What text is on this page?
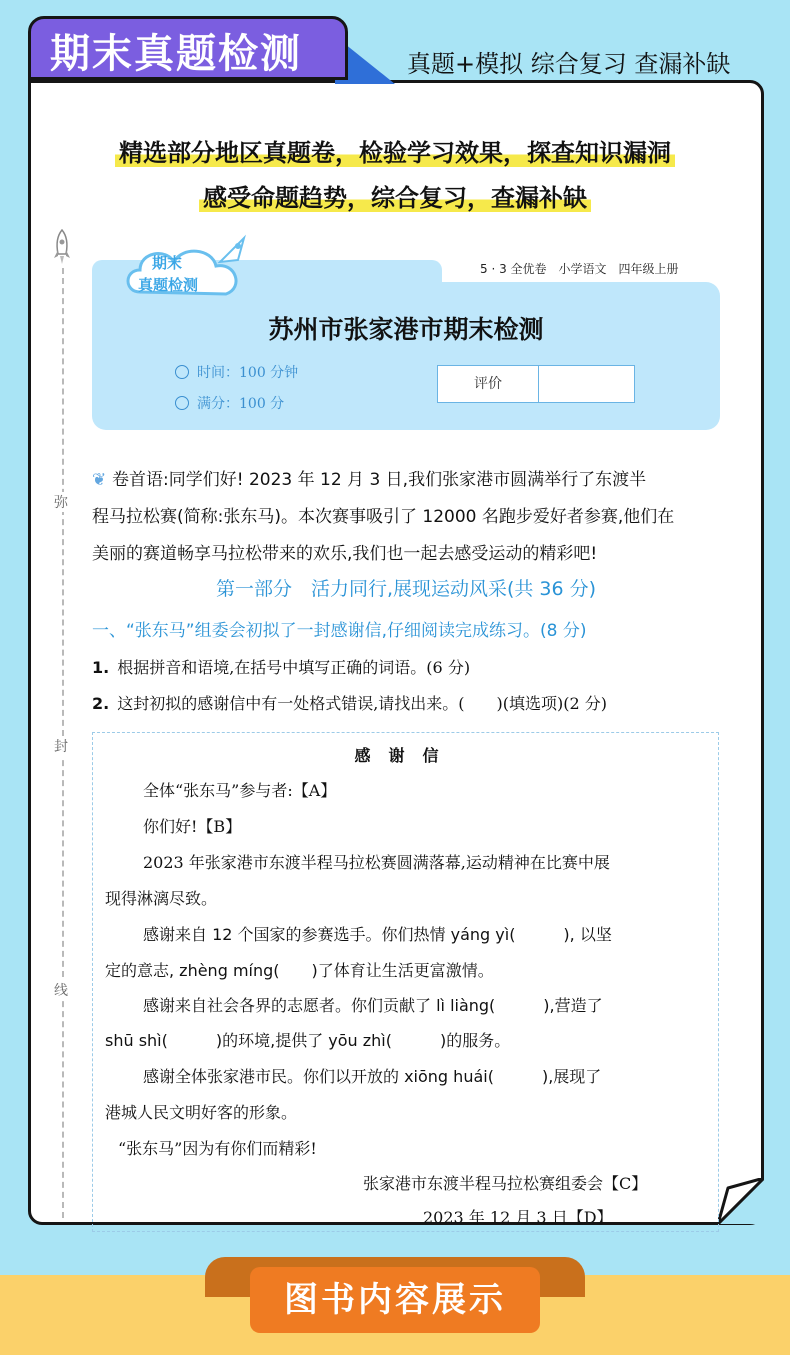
期末真题检测	真题+模拟 综合复习 查漏补缺
精选部分地区真题卷，检验学习效果，探查知识漏洞
感受命题趋势，综合复习，查漏补缺
弥
封
线
期末
真题检测
5 · 3 全优卷　小学语文　四年级上册
苏州市张家港市期末检测
时间：100 分钟
满分：100 分
评价
❦ 卷首语:同学们好! 2023 年 12 月 3 日,我们张家港市圆满举行了东渡半
程马拉松赛(简称:张东马)。本次赛事吸引了 12000 名跑步爱好者参赛,他们在
美丽的赛道畅享马拉松带来的欢乐,我们也一起去感受运动的精彩吧!
第一部分　活力同行,展现运动风采(共 36 分)
一、“张东马”组委会初拟了一封感谢信,仔细阅读完成练习。(8 分)
1. 根据拼音和语境,在括号中填写正确的词语。(6 分)
2. 这封初拟的感谢信中有一处格式错误,请找出来。(　　)(填选项)(2 分)
感谢信
全体“张东马”参与者:【A】
你们好!【B】
2023 年张家港市东渡半程马拉松赛圆满落幕,运动精神在比赛中展
现得淋漓尽致。
感谢来自 12 个国家的参赛选手。你们热情 yáng yì(　　　), 以坚
定的意志, zhèng míng(　　)了体育让生活更富激情。
感谢来自社会各界的志愿者。你们贡献了 lì liàng(　　　),营造了
shū shì(　　　)的环境,提供了 yōu zhì(　　　)的服务。
感谢全体张家港市民。你们以开放的 xiōng huái(　　　),展现了
港城人民文明好客的形象。
“张东马”因为有你们而精彩!
张家港市东渡半程马拉松赛组委会【C】
2023 年 12 月 3 日【D】
图书内容展示
